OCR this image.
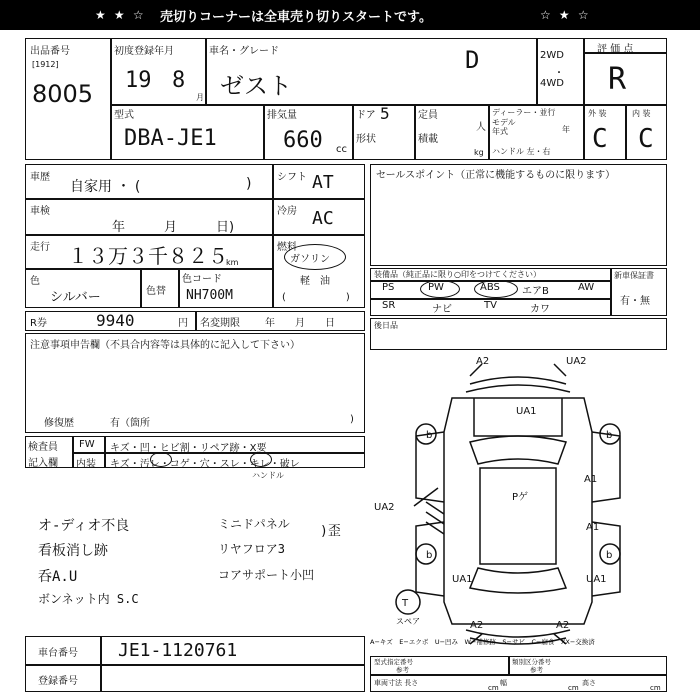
★ ★ ☆ 売切りコーナーは全車売り切りスタートです。	☆ ★ ☆
出品番号
[1912]
8005
初度登録年月
19 8
月
車名・グレード
ゼスト
D	2WD
・
4WD
評 価 点
R
型式
DBA-JE1
排気量
660 cc
ドア 5
形状
定員
人
積載
kg
ディーラー・並行
モデル
年式	年
ハンドル 左・右
外 装	内 装
C C
車歴
自家用 ・ (	)
車検
年　　　月　　　日)
走行 １３万３千８２５
km
色
シルバー	色替
色コード
NH700M
シフト AT
冷房 AC
燃料
ガソリン
軽　油
(　　　　　　)
セールスポイント（正常に機能するものに限ります）
装備品（純正品に限り○印をつけてください）	新車保証書
有・無
PS	PW	ABS エアB	AW
SR	ナビ	TV	カワ
R券	9940	円 名変期限	年　　月　　日	後日品
注意事項申告欄（不具合内容等は具体的に記入して下さい）
修復歴	有（箇所	)
検査員
記入欄
FW キズ・凹・ヒビ割・リペア跡・X要
内装 キズ・汚レ・コゲ・穴・スレ・キレ・破レ
ハンドル
オ-ディオ不良
看板消し跡
呑A.U
ボンネット内 S.C
ミニドパネル
リヤフロア3
コアサポート小凹
)歪
A2	UA2
UA1
b	b
A1
Pゲ
UA2
A1
b	b
UA1	UA1
A2	A2
T
スペア
A−キズ　E−エクボ　U−凹み　W−補修跡　S−サビ　C−腐食　XX−交換済
車台番号 JE1-1120761
登録番号
型式指定番号
参考
類別区分番号
参考
車両寸法 長さ
cm
幅
cm
高さ
cm
